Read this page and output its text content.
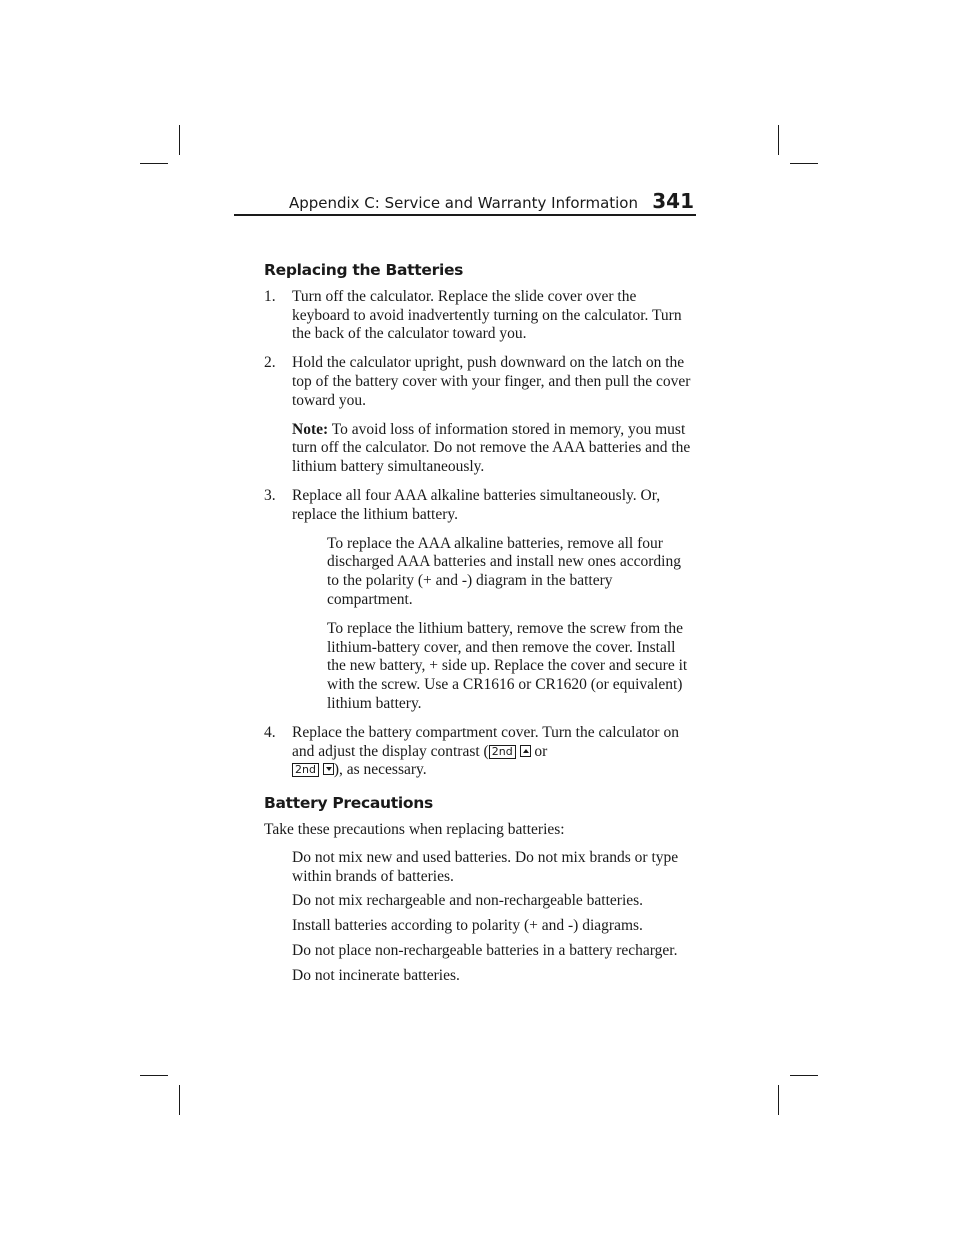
Appendix C: Service and Warranty Information 341
Replacing the Batteries
1. Turn off the calculator. Replace the slide cover over the keyboard to avoid inadvertently turning on the calculator. Turn the back of the calculator toward you.

2. Hold the calculator upright, push downward on the latch on the top of the battery cover with your finger, and then pull the cover toward you.

Note: To avoid loss of information stored in memory, you must turn off the calculator. Do not remove the AAA batteries and the lithium battery simultaneously.

3. Replace all four AAA alkaline batteries simultaneously. Or, replace the lithium battery.

To replace the AAA alkaline batteries, remove all four discharged AAA batteries and install new ones according to the polarity (+ and -) diagram in the battery compartment.

To replace the lithium battery, remove the screw from the lithium-battery cover, and then remove the cover. Install the new battery, + side up. Replace the cover and secure it with the screw. Use a CR1616 or CR1620 (or equivalent) lithium battery.

4. Replace the battery compartment cover. Turn the calculator on and adjust the display contrast ( 2nd  or
2nd ), as necessary.

Battery Precautions

Take these precautions when replacing batteries:

Do not mix new and used batteries. Do not mix brands or type within brands of batteries.

Do not mix rechargeable and non-rechargeable batteries.

Install batteries according to polarity (+ and -) diagrams.

Do not place non-rechargeable batteries in a battery recharger.

Do not incinerate batteries.
